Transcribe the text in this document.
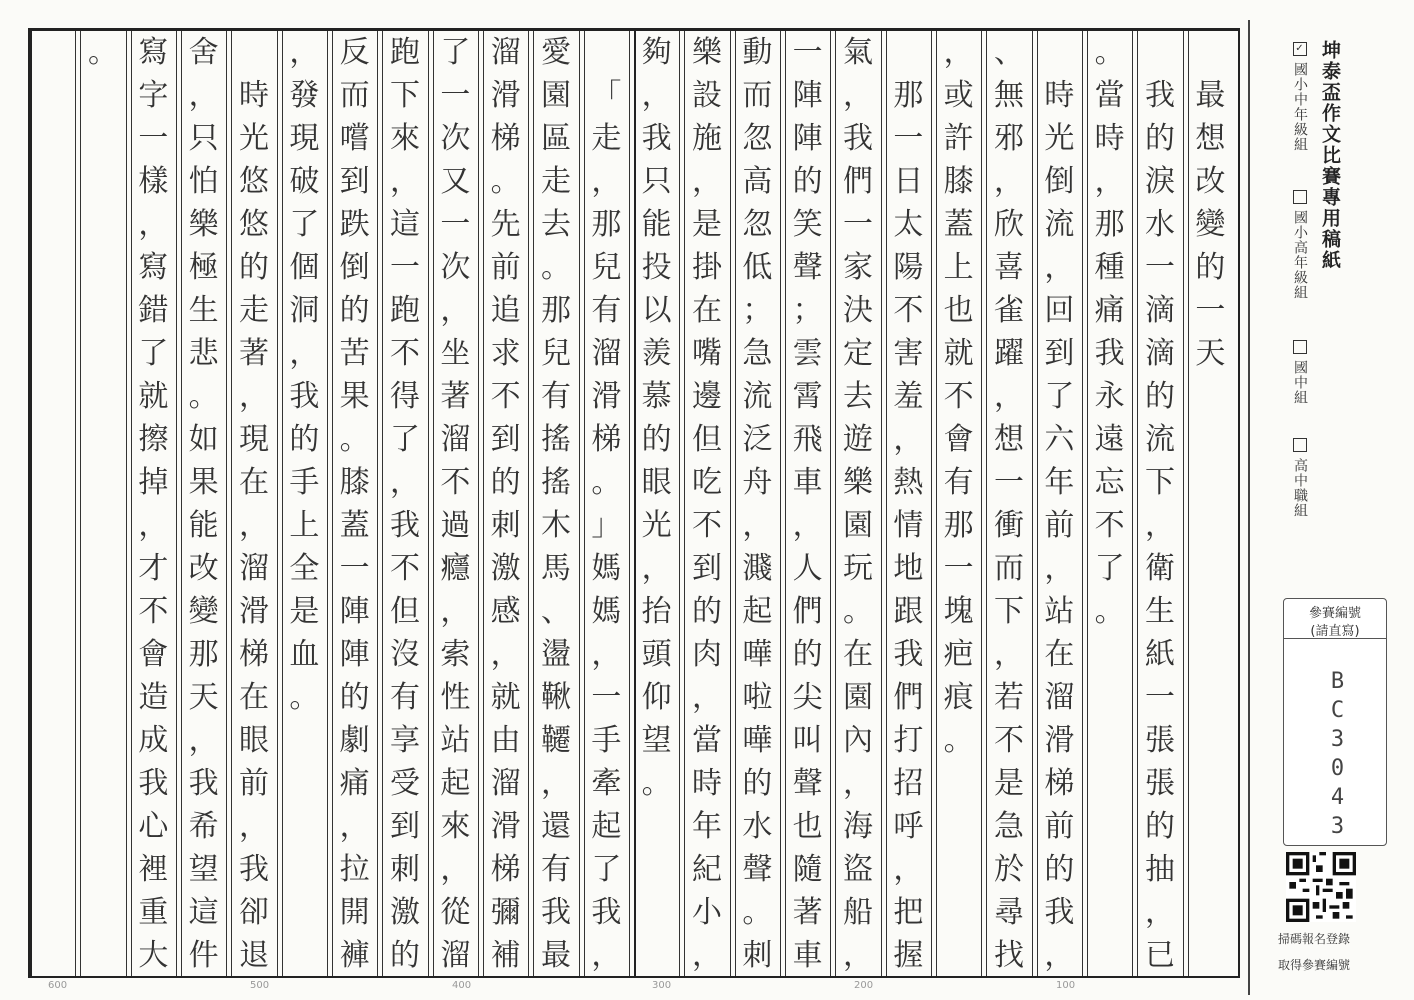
最
想
改
變
的
一
天
我
的
淚
水
一
滴
滴
的
流
下
，
衛
生
紙
一
張
張
的
抽
，
已
。
當
時
，
那
種
痛
我
永
遠
忘
不
了
。
時
光
倒
流
，
回
到
了
六
年
前
，
站
在
溜
滑
梯
前
的
我
，
、
無
邪
，
欣
喜
雀
躍
，
想
一
衝
而
下
，
若
不
是
急
於
尋
找
，
或
許
膝
蓋
上
也
就
不
會
有
那
一
塊
疤
痕
。
那
一
日
太
陽
不
害
羞
，
熱
情
地
跟
我
們
打
招
呼
，
把
握
氣
，
我
們
一
家
決
定
去
遊
樂
園
玩
。
在
園
內
，
海
盜
船
，
一
陣
陣
的
笑
聲
；
雲
霄
飛
車
，
人
們
的
尖
叫
聲
也
隨
著
車
動
而
忽
高
忽
低
；
急
流
泛
舟
，
濺
起
嘩
啦
嘩
的
水
聲
。
刺
樂
設
施
，
是
掛
在
嘴
邊
但
吃
不
到
的
肉
，
當
時
年
紀
小
，
夠
，
我
只
能
投
以
羨
慕
的
眼
光
，
抬
頭
仰
望
。
「
走
，
那
兒
有
溜
滑
梯
。
」
媽
媽
，
一
手
牽
起
了
我
，
愛
園
區
走
去
。
那
兒
有
搖
搖
木
馬
、
盪
鞦
韆
，
還
有
我
最
溜
滑
梯
。
先
前
追
求
不
到
的
刺
激
感
，
就
由
溜
滑
梯
彌
補
了
一
次
又
一
次
，
坐
著
溜
不
過
癮
，
索
性
站
起
來
，
從
溜
跑
下
來
，
這
一
跑
不
得
了
，
我
不
但
沒
有
享
受
到
刺
激
的
反
而
嚐
到
跌
倒
的
苦
果
。
膝
蓋
一
陣
陣
的
劇
痛
，
拉
開
褲
，
發
現
破
了
個
洞
，
我
的
手
上
全
是
血
。
時
光
悠
悠
的
走
著
，
現
在
，
溜
滑
梯
在
眼
前
，
我
卻
退
舍
，
只
怕
樂
極
生
悲
。
如
果
能
改
變
那
天
，
我
希
望
這
件
寫
字
一
樣
，
寫
錯
了
就
擦
掉
，
才
不
會
造
成
我
心
裡
重
大
。
600	500	400	300	200	100
坤泰盃作文比賽專用稿紙
✓國小中年級組
國小高年級組
國中組
高中職組
參賽編號
(請直寫)
BC3043
掃碼報名登錄
取得參賽編號
